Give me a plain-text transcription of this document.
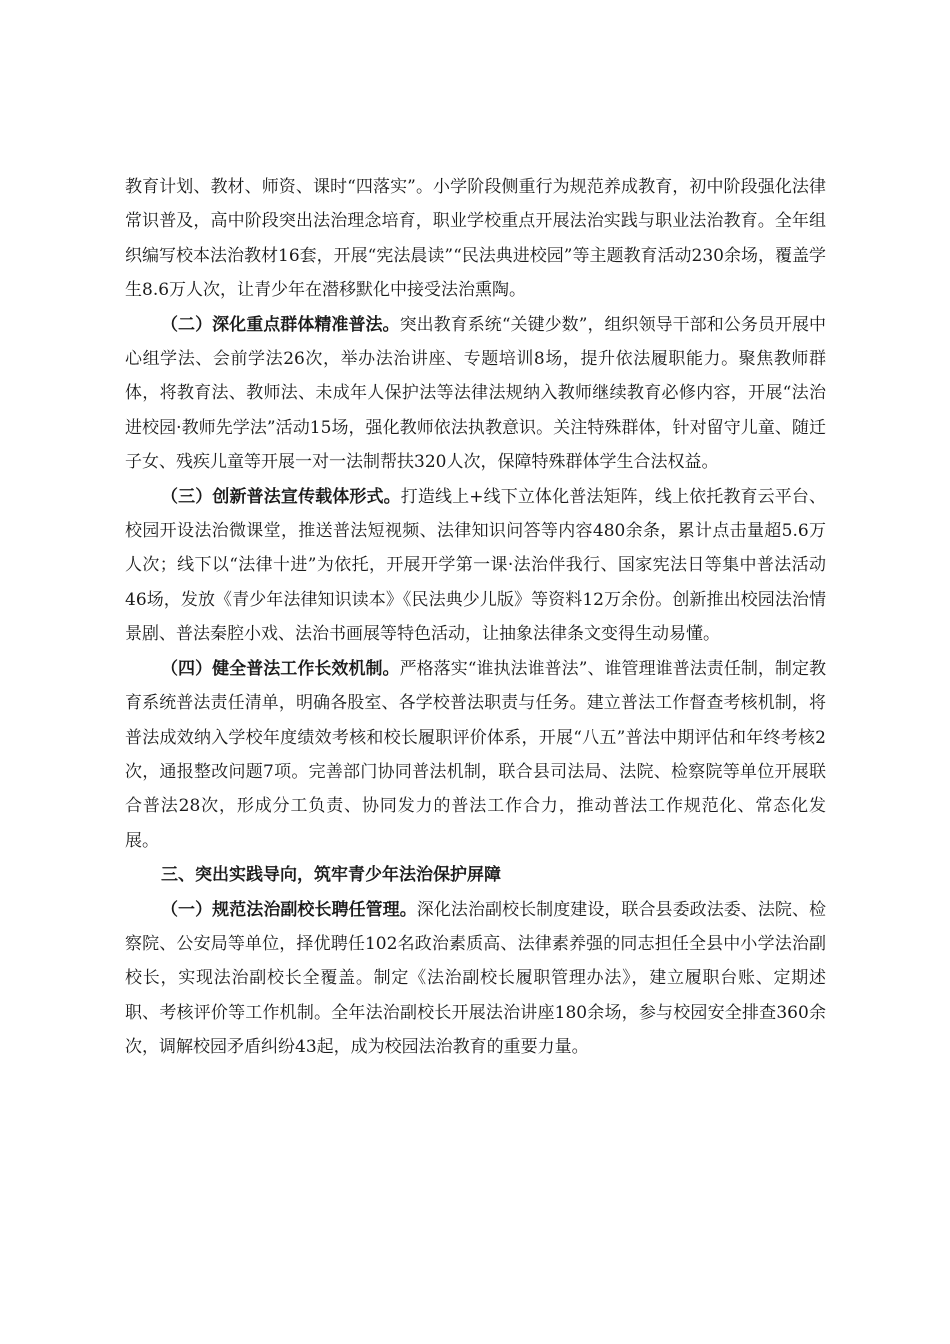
教育计划、教材、师资、课时“四落实”。小学阶段侧重行为规范养成教育，初中阶段强化法律常识普及，高中阶段突出法治理念培育，职业学校重点开展法治实践与职业法治教育。全年组织编写校本法治教材16套，开展“宪法晨读”“民法典进校园”等主题教育活动230余场，覆盖学生8.6万人次，让青少年在潜移默化中接受法治熏陶。

（二）深化重点群体精准普法。突出教育系统“关键少数”，组织领导干部和公务员开展中心组学法、会前学法26次，举办法治讲座、专题培训8场，提升依法履职能力。聚焦教师群体，将教育法、教师法、未成年人保护法等法律法规纳入教师继续教育必修内容，开展“法治进校园·教师先学法”活动15场，强化教师依法执教意识。关注特殊群体，针对留守儿童、随迁子女、残疾儿童等开展一对一法制帮扶320人次，保障特殊群体学生合法权益。

（三）创新普法宣传载体形式。打造线上+线下立体化普法矩阵，线上依托教育云平台、校园开设法治微课堂，推送普法短视频、法律知识问答等内容480余条，累计点击量超5.6万人次；线下以“法律十进”为依托，开展开学第一课·法治伴我行、国家宪法日等集中普法活动46场，发放《青少年法律知识读本》《民法典少儿版》等资料12万余份。创新推出校园法治情景剧、普法秦腔小戏、法治书画展等特色活动，让抽象法律条文变得生动易懂。

（四）健全普法工作长效机制。严格落实“谁执法谁普法”、谁管理谁普法责任制，制定教育系统普法责任清单，明确各股室、各学校普法职责与任务。建立普法工作督查考核机制，将普法成效纳入学校年度绩效考核和校长履职评价体系，开展“八五”普法中期评估和年终考核2次，通报整改问题7项。完善部门协同普法机制，联合县司法局、法院、检察院等单位开展联合普法28次，形成分工负责、协同发力的普法工作合力，推动普法工作规范化、常态化发展。

三、突出实践导向，筑牢青少年法治保护屏障

（一）规范法治副校长聘任管理。深化法治副校长制度建设，联合县委政法委、法院、检察院、公安局等单位，择优聘任102名政治素质高、法律素养强的同志担任全县中小学法治副校长，实现法治副校长全覆盖。制定《法治副校长履职管理办法》，建立履职台账、定期述职、考核评价等工作机制。全年法治副校长开展法治讲座180余场，参与校园安全排查360余次，调解校园矛盾纠纷43起，成为校园法治教育的重要力量。
